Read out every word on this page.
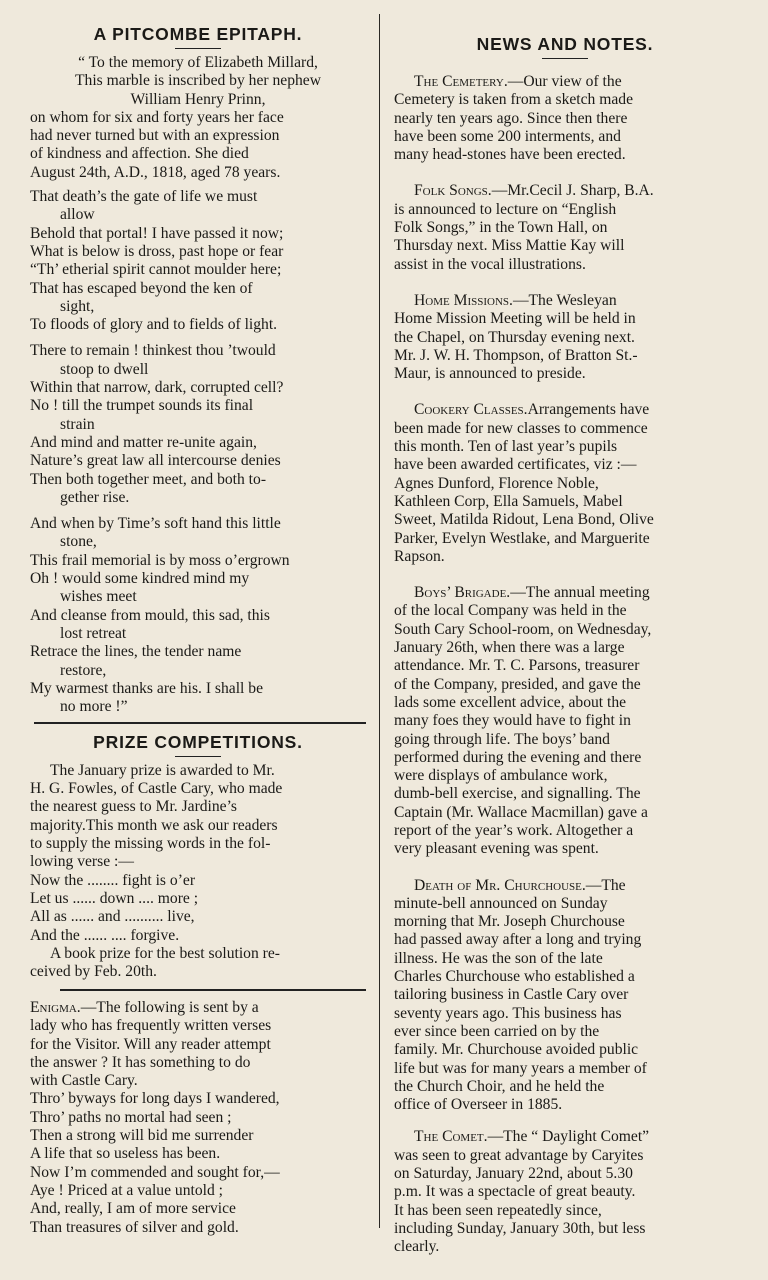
A PITCOMBE EPITAPH.
“ To the memory of Elizabeth Millard,
This marble is inscribed by her nephew
William Henry Prinn,
on whom for six and forty years her face
had never turned but with an expression
of kindness and affection. She died
August 24th, A.D., 1818, aged 78 years.
That death’s the gate of life we must
allow
Behold that portal! I have passed it now;
What is below is dross, past hope or fear
“Th’ etherial spirit cannot moulder here;
That has escaped beyond the ken of
sight,
To floods of glory and to fields of light.
There to remain ! thinkest thou ’twould
stoop to dwell
Within that narrow, dark, corrupted cell?
No ! till the trumpet sounds its final
strain
And mind and matter re-unite again,
Nature’s great law all intercourse denies
Then both together meet, and both to-
gether rise.
And when by Time’s soft hand this little
stone,
This frail memorial is by moss o’ergrown
Oh ! would some kindred mind my
wishes meet
And cleanse from mould, this sad, this
lost retreat
Retrace the lines, the tender name
restore,
My warmest thanks are his. I shall be
no more !”
PRIZE COMPETITIONS.
The January prize is awarded to Mr.
H. G. Fowles, of Castle Cary, who made
the nearest guess to Mr. Jardine’s
majority.This month we ask our readers
to supply the missing words in the fol-
lowing verse :—
Now the ........ fight is o’er
Let us ...... down .... more ;
All as ...... and .......... live,
And the ...... .... forgive.
A book prize for the best solution re-
ceived by Feb. 20th.
Enigma.—The following is sent by a
lady who has frequently written verses
for the Visitor. Will any reader attempt
the answer ? It has something to do
with Castle Cary.
Thro’ byways for long days I wandered,
Thro’ paths no mortal had seen ;
Then a strong will bid me surrender
A life that so useless has been.
Now I’m commended and sought for,—
Aye ! Priced at a value untold ;
And, really, I am of more service
Than treasures of silver and gold.
NEWS AND NOTES.
The Cemetery.—Our view of the
Cemetery is taken from a sketch made
nearly ten years ago. Since then there
have been some 200 interments, and
many head-stones have been erected.
Folk Songs.—Mr.Cecil J. Sharp, B.A.
is announced to lecture on “English
Folk Songs,” in the Town Hall, on
Thursday next. Miss Mattie Kay will
assist in the vocal illustrations.
Home Missions.—The Wesleyan
Home Mission Meeting will be held in
the Chapel, on Thursday evening next.
Mr. J. W. H. Thompson, of Bratton St.-
Maur, is announced to preside.
Cookery Classes.Arrangements have
been made for new classes to commence
this month. Ten of last year’s pupils
have been awarded certificates, viz :—
Agnes Dunford, Florence Noble,
Kathleen Corp, Ella Samuels, Mabel
Sweet, Matilda Ridout, Lena Bond, Olive
Parker, Evelyn Westlake, and Marguerite
Rapson.
Boys’ Brigade.—The annual meeting
of the local Company was held in the
South Cary School-room, on Wednesday,
January 26th, when there was a large
attendance. Mr. T. C. Parsons, treasurer
of the Company, presided, and gave the
lads some excellent advice, about the
many foes they would have to fight in
going through life. The boys’ band
performed during the evening and there
were displays of ambulance work,
dumb-bell exercise, and signalling. The
Captain (Mr. Wallace Macmillan) gave a
report of the year’s work. Altogether a
very pleasant evening was spent.
Death of Mr. Churchouse.—The
minute-bell announced on Sunday
morning that Mr. Joseph Churchouse
had passed away after a long and trying
illness. He was the son of the late
Charles Churchouse who established a
tailoring business in Castle Cary over
seventy years ago. This business has
ever since been carried on by the
family. Mr. Churchouse avoided public
life but was for many years a member of
the Church Choir, and he held the
office of Overseer in 1885.
The Comet.—The “ Daylight Comet”
was seen to great advantage by Caryites
on Saturday, January 22nd, about 5.30
p.m. It was a spectacle of great beauty.
It has been seen repeatedly since,
including Sunday, January 30th, but less
clearly.
